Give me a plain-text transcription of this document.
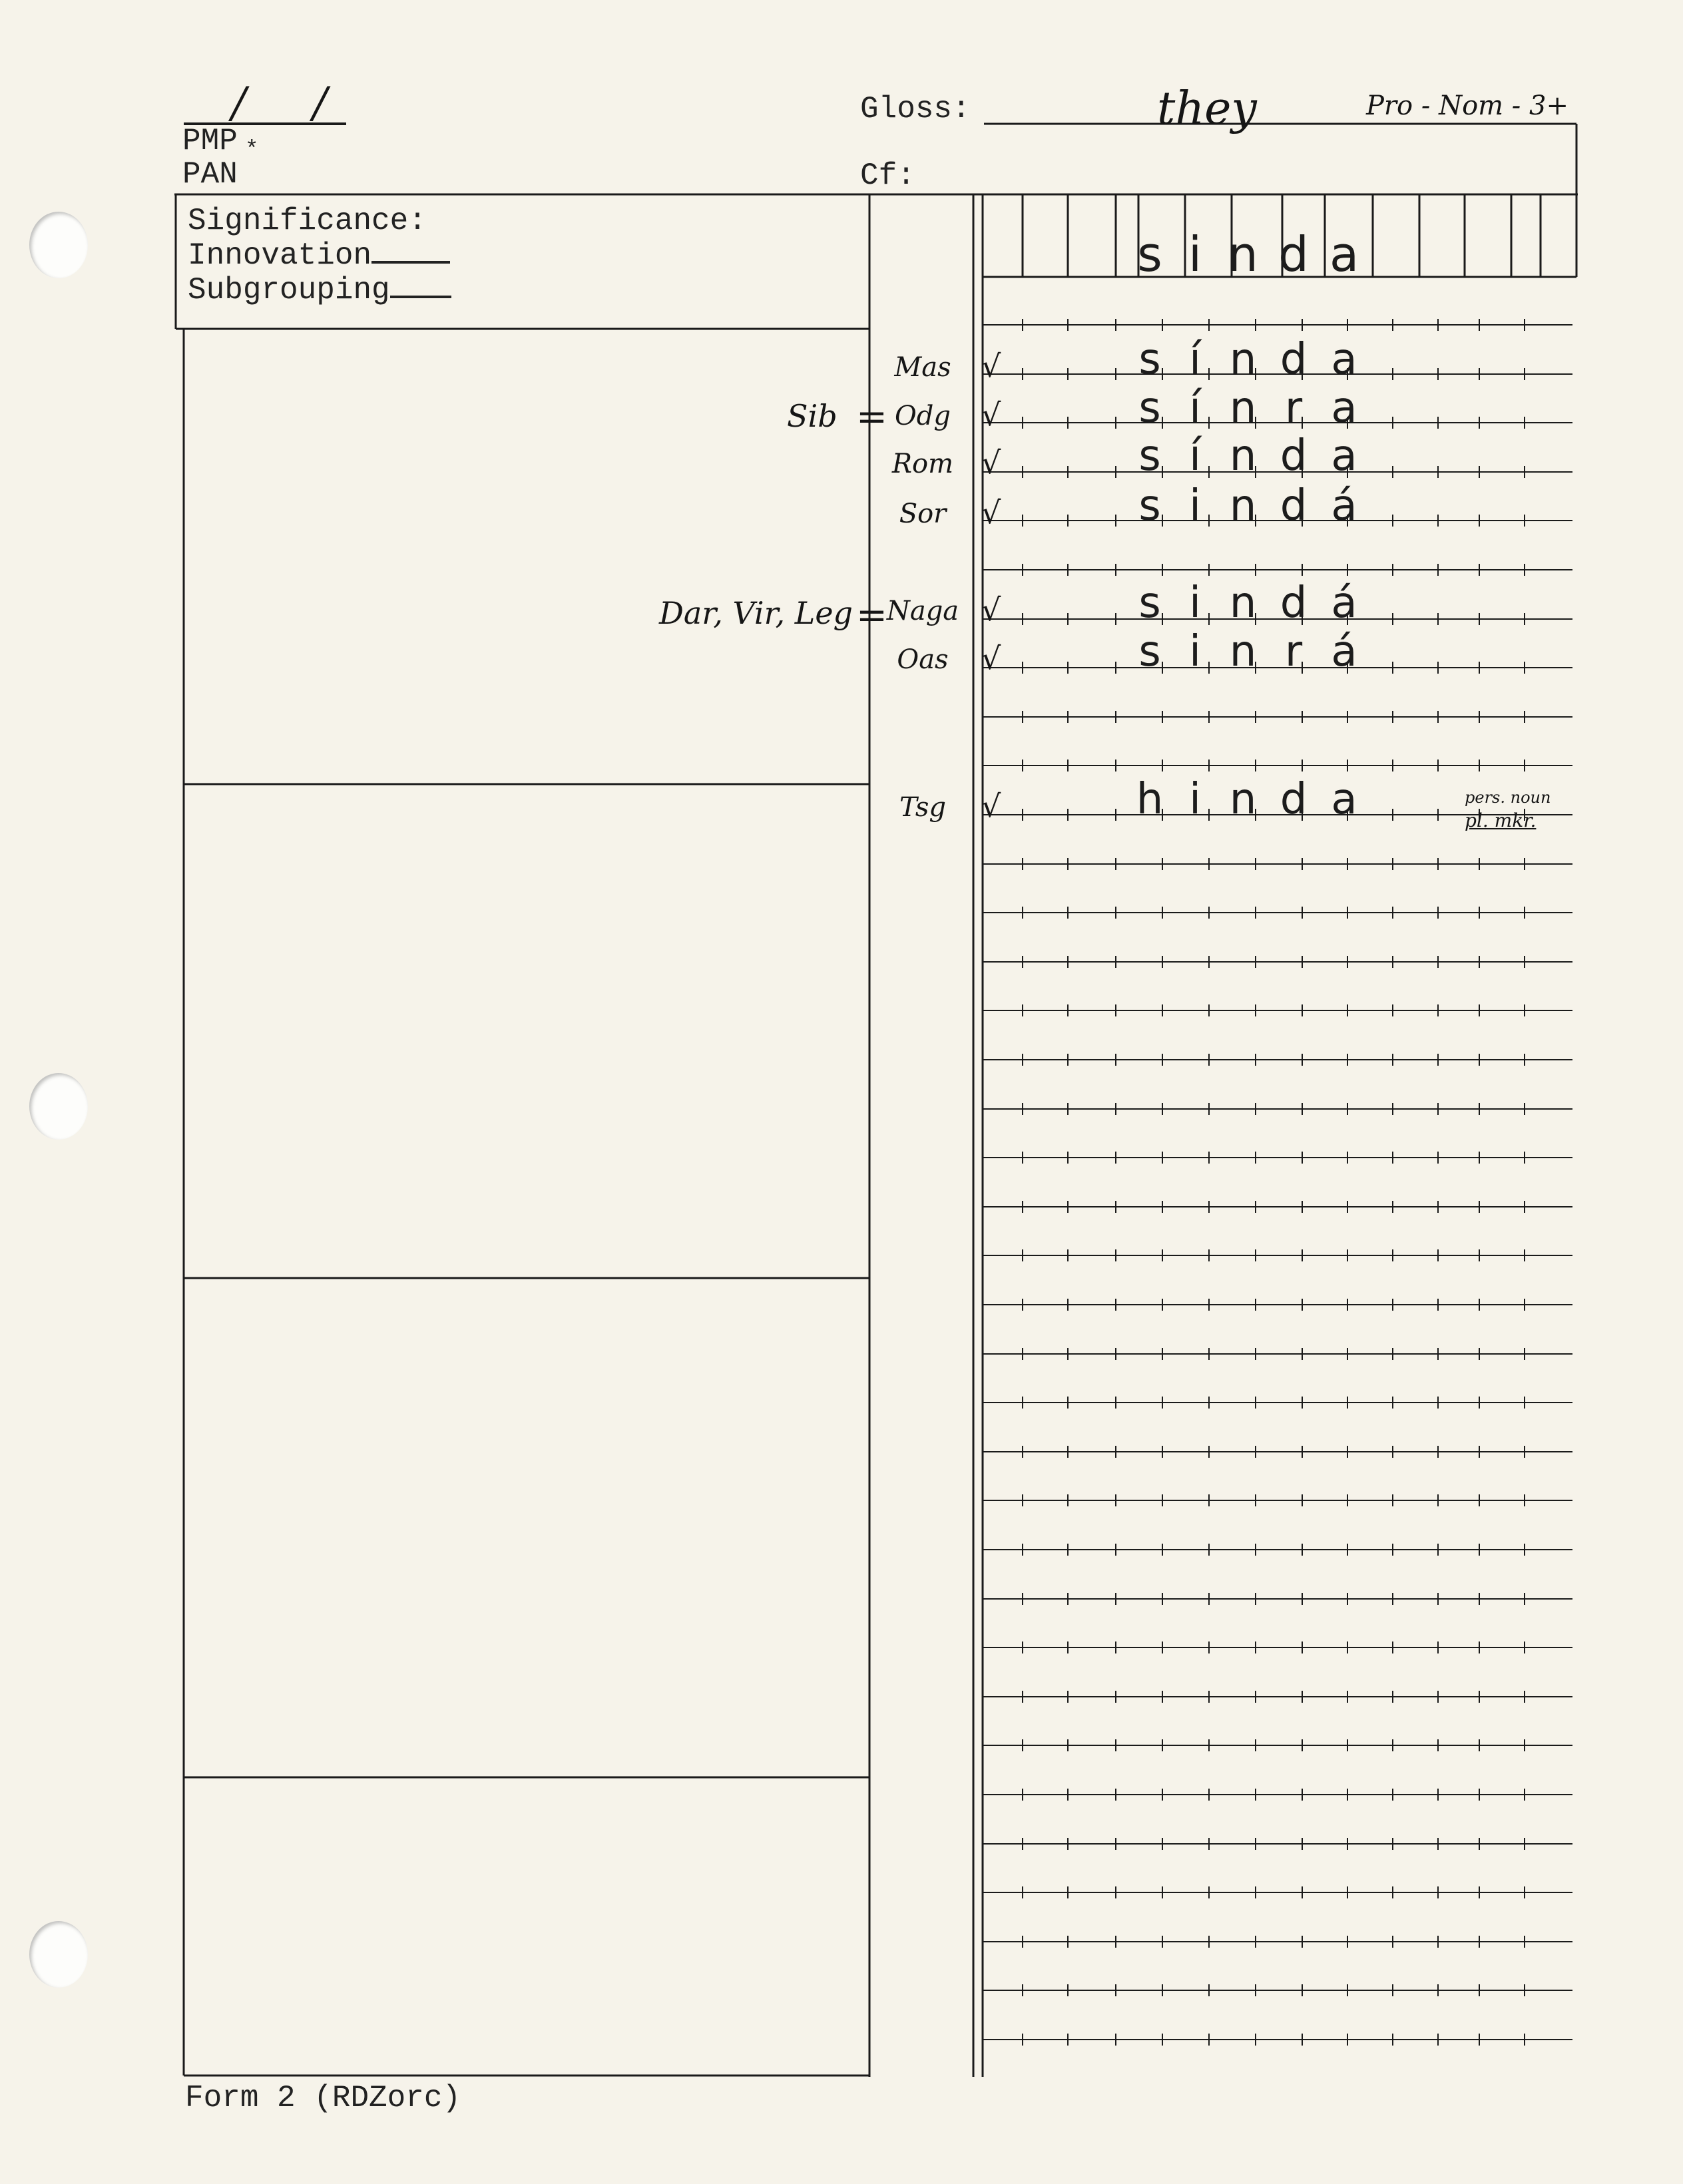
/ /
PMP *
PAN
Gloss:	they	Pro - Nom - 3+
Cf:
Significance:
Innovation
Subgrouping
Sib =
Dar, Vir, Leg =
s i n d a
Mas √	s í n d a
Odg	√	s í n r a
Rom √	s í n d a
Sor	√	s i n d á
Naga √	s i n d á
Oas	√	s i n r á
Tsg	√	h i n d a	pers. noun
pl. mkr.
Form 2 (RDZorc)
